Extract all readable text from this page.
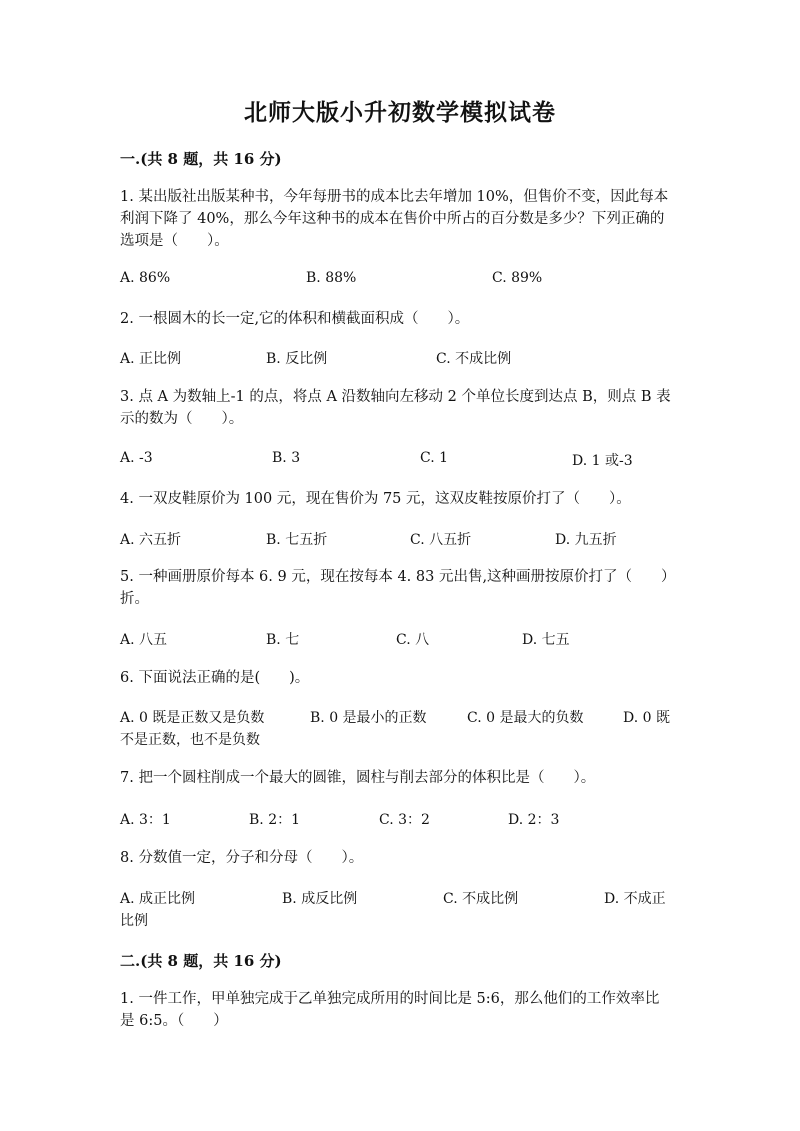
北师大版小升初数学模拟试卷
一.(共 8 题，共 16 分)
1. 某出版社出版某种书，今年每册书的成本比去年增加 10%，但售价不变，因此每本利润下降了 40%，那么今年这种书的成本在售价中所占的百分数是多少？下列正确的选项是（　　）。
A. 86%	B. 88%	C. 89%
2. 一根圆木的长一定,它的体积和横截面积成（　　）。
A. 正比例	B. 反比例	C. 不成比例
3. 点 A 为数轴上-1 的点，将点 A 沿数轴向左移动 2 个单位长度到达点 B，则点 B 表示的数为（　　）。
A. -3	B. 3	C. 1	D. 1 或-3
4. 一双皮鞋原价为 100 元，现在售价为 75 元，这双皮鞋按原价打了（　　）。
A. 六五折	B. 七五折	C. 八五折	D. 九五折
5. 一种画册原价每本 6. 9 元，现在按每本 4. 83 元出售,这种画册按原价打了（　　）折。
A. 八五	B. 七	C. 八	D. 七五
6. 下面说法正确的是(　　)。
A. 0 既是正数又是负数	B. 0 是最小的正数	C. 0 是最大的负数	D. 0 既
不是正数，也不是负数
7. 把一个圆柱削成一个最大的圆锥，圆柱与削去部分的体积比是（　　）。
A. 3：1	B. 2：1	C. 3：2	D. 2：3
8. 分数值一定，分子和分母（　　）。
A. 成正比例	B. 成反比例	C. 不成比例	D. 不成正
比例
二.(共 8 题，共 16 分)
1. 一件工作，甲单独完成于乙单独完成所用的时间比是 5:6，那么他们的工作效率比是 6:5。（　　）
